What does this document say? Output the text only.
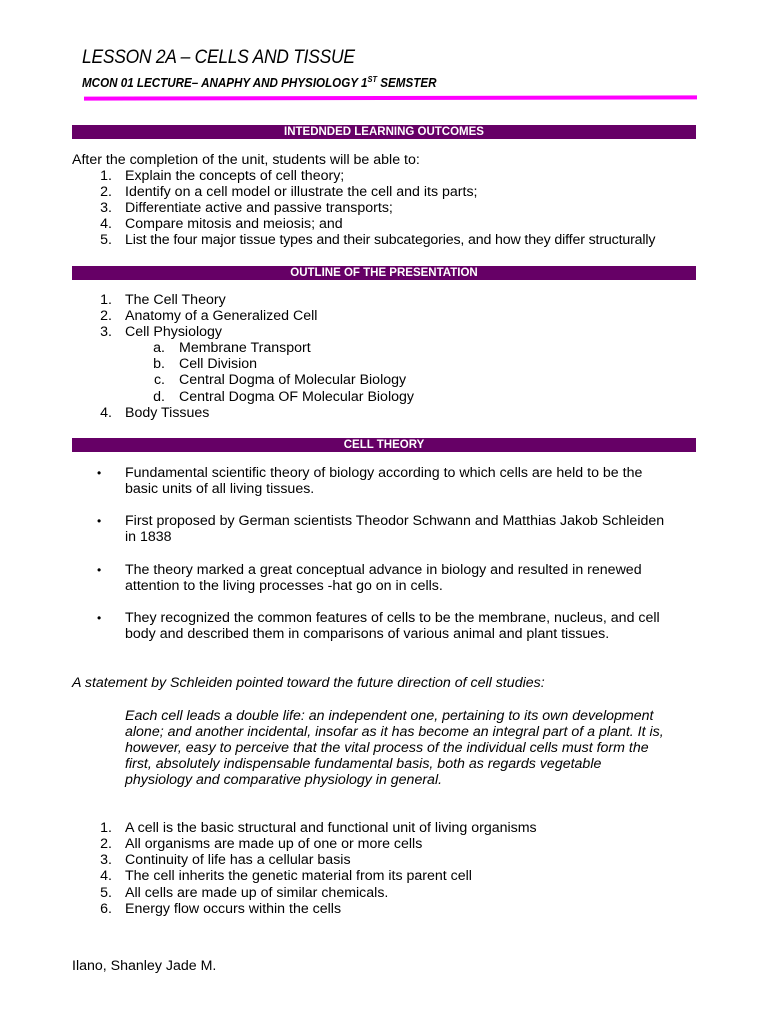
LESSON 2A – CELLS AND TISSUE
MCON 01 LECTURE– ANAPHY AND PHYSIOLOGY 1ST SEMSTER
INTEDNDED LEARNING OUTCOMES
After the completion of the unit, students will be able to:
1. Explain the concepts of cell theory;
2. Identify on a cell model or illustrate the cell and its parts;
3. Differentiate active and passive transports;
4. Compare mitosis and meiosis; and
5. List the four major tissue types and their subcategories, and how they differ structurally
OUTLINE OF THE PRESENTATION
1. The Cell Theory
2. Anatomy of a Generalized Cell
3. Cell Physiology
a. Membrane Transport
b. Cell Division
c. Central Dogma of Molecular Biology
d. Central Dogma OF Molecular Biology
4. Body Tissues
CELL THEORY
• Fundamental scientific theory of biology according to which cells are held to be the
basic units of all living tissues.
• First proposed by German scientists Theodor Schwann and Matthias Jakob Schleiden
in 1838
• The theory marked a great conceptual advance in biology and resulted in renewed
attention to the living processes -hat go on in cells.
• They recognized the common features of cells to be the membrane, nucleus, and cell
body and described them in comparisons of various animal and plant tissues.
A statement by Schleiden pointed toward the future direction of cell studies:
Each cell leads a double life: an independent one, pertaining to its own development
alone; and another incidental, insofar as it has become an integral part of a plant. It is,
however, easy to perceive that the vital process of the individual cells must form the
first, absolutely indispensable fundamental basis, both as regards vegetable
physiology and comparative physiology in general.
1. A cell is the basic structural and functional unit of living organisms
2. All organisms are made up of one or more cells
3. Continuity of life has a cellular basis
4. The cell inherits the genetic material from its parent cell
5. All cells are made up of similar chemicals.
6. Energy flow occurs within the cells
Ilano, Shanley Jade M.
